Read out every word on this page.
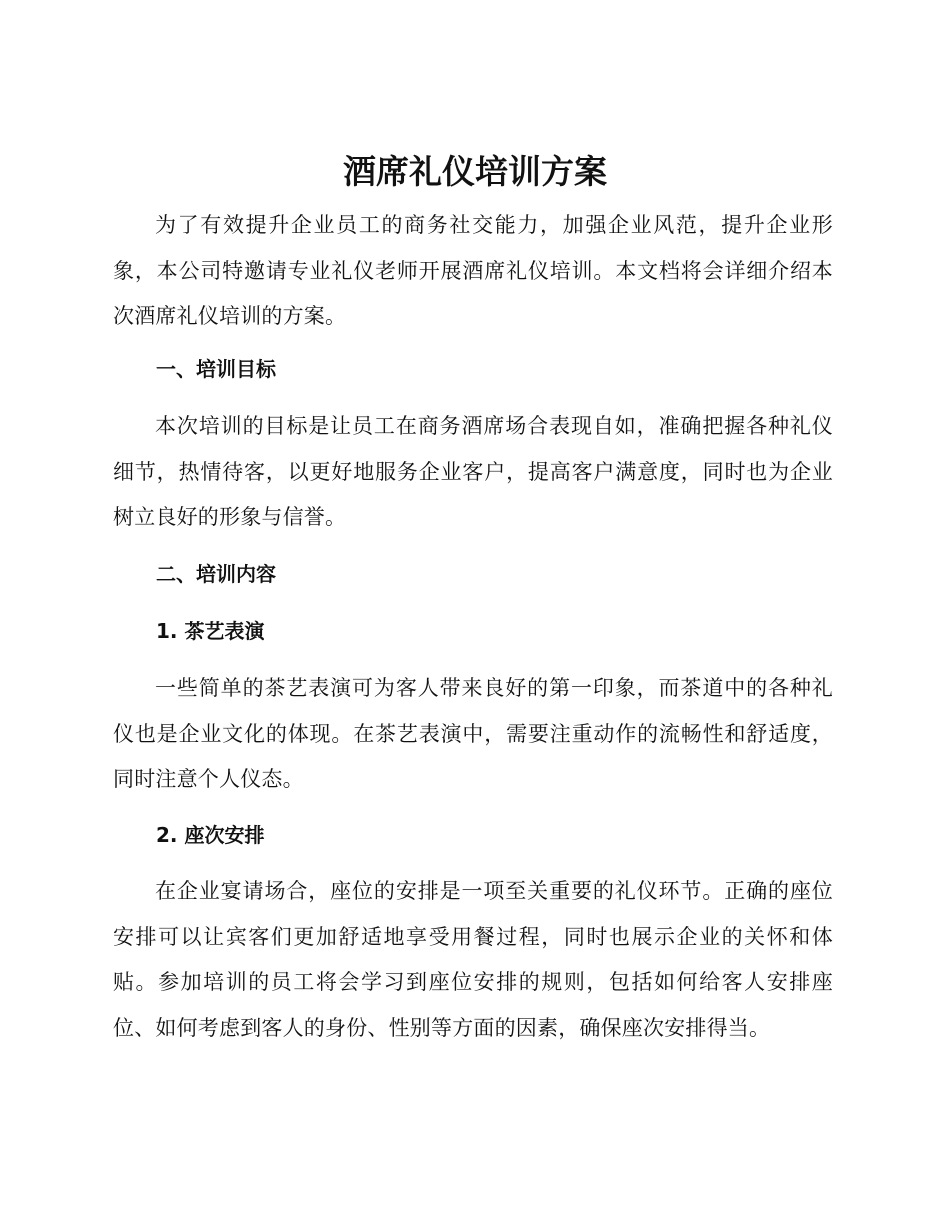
酒席礼仪培训方案

为了有效提升企业员工的商务社交能力，加强企业风范，提升企业形象，本公司特邀请专业礼仪老师开展酒席礼仪培训。本文档将会详细介绍本次酒席礼仪培训的方案。

一、培训目标

本次培训的目标是让员工在商务酒席场合表现自如，准确把握各种礼仪细节，热情待客，以更好地服务企业客户，提高客户满意度，同时也为企业树立良好的形象与信誉。

二、培训内容
1. 茶艺表演

一些简单的茶艺表演可为客人带来良好的第一印象，而茶道中的各种礼仪也是企业文化的体现。在茶艺表演中，需要注重动作的流畅性和舒适度，同时注意个人仪态。

2. 座次安排

在企业宴请场合，座位的安排是一项至关重要的礼仪环节。正确的座位安排可以让宾客们更加舒适地享受用餐过程，同时也展示企业的关怀和体贴。参加培训的员工将会学习到座位安排的规则，包括如何给客人安排座位、如何考虑到客人的身份、性别等方面的因素，确保座次安排得当。
